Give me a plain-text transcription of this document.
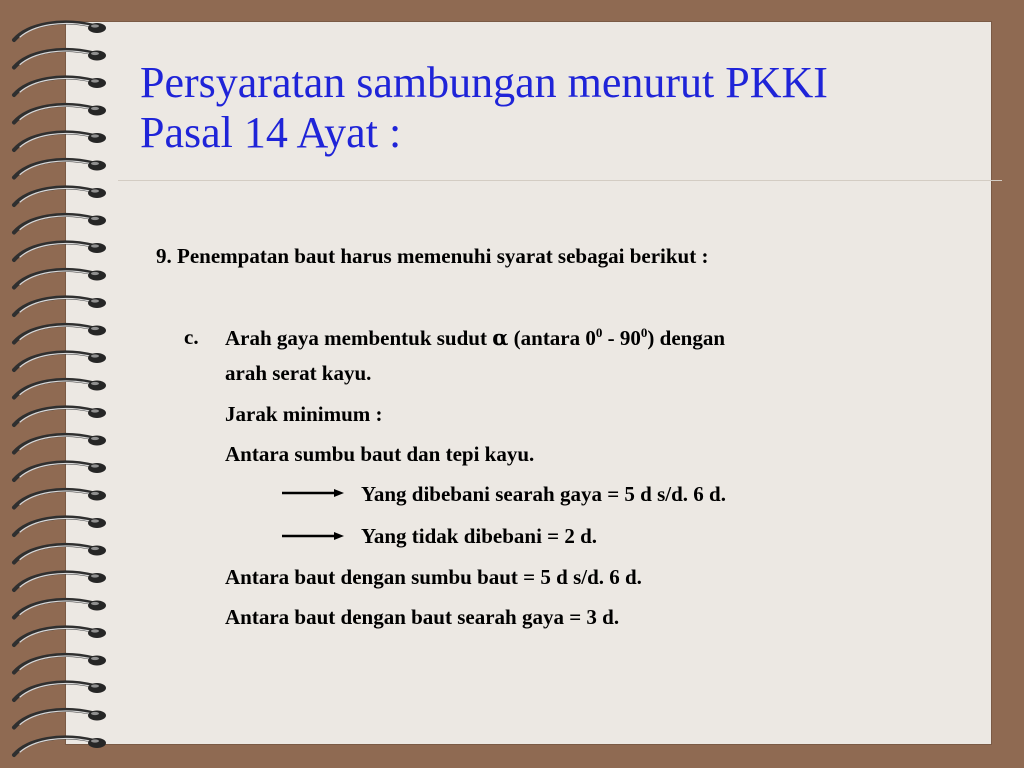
Persyaratan sambungan menurut PKKI
Pasal 14 Ayat :
9. Penempatan baut harus memenuhi syarat sebagai berikut :
c. Arah gaya membentuk sudut α (antara $0^0 - 90^0$) dengan
arah serat kayu.
Jarak minimum :
Antara sumbu baut dan tepi kayu.
Yang dibebani searah gaya = 5 d s/d. 6 d.
Yang tidak dibebani = 2 d.
Antara baut dengan sumbu baut = 5 d s/d. 6 d.
Antara baut dengan baut searah gaya = 3 d.
